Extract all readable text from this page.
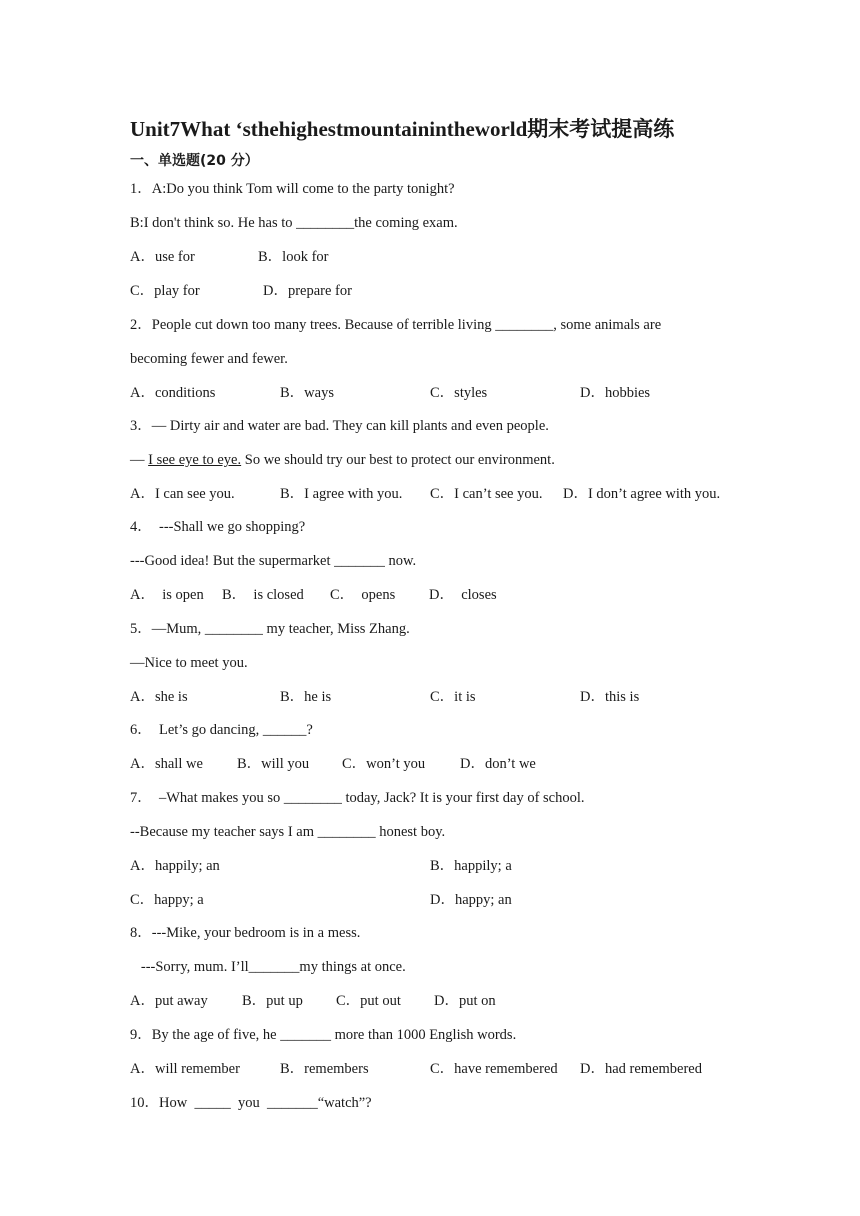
Unit7What ‘sthehighestmountainintheworld期末考试提高练
一、单选题(20 分）
1．A:Do you think Tom will come to the party tonight?
B:I don't think so. He has to ________the coming exam.
A．use for	B．look for
C．play for	D．prepare for
2．People cut down too many trees. Because of terrible living ________, some animals are
becoming fewer and fewer.
A．conditions	B．ways	C．styles	D．hobbies
3．— Dirty air and water are bad. They can kill plants and even people.
— I see eye to eye. So we should try our best to protect our environment.
A．I can see you.	B．I agree with you. C．I can’t see you. D．I don’t agree with you.
4．  ---Shall we go shopping?
---Good idea! But the supermarket _______ now.
A．  is open B．  is closed C．  opens D．  closes
5．—Mum, ________ my teacher, Miss Zhang.
—Nice to meet you.
A．she is	B．he is	C．it is	D．this is
6．  Let’s go dancing, ______?
A．shall we B．will you C．won’t you D．don’t we
7．  –What makes you so ________ today, Jack? It is your first day of school.
--Because my teacher says I am ________ honest boy.
A．happily; an	B．happily; a
C．happy; a	D．happy; an
8．---Mike, your bedroom is in a mess.
---Sorry, mum. I’ll_______my things at once.
A．put away B．put up C．put out D．put on
9．By the age of five, he _______ more than 1000 English words.
A．will remember	B．remembers	C．have remembered D．had remembered
10．How  _____  you  _______“watch”?
